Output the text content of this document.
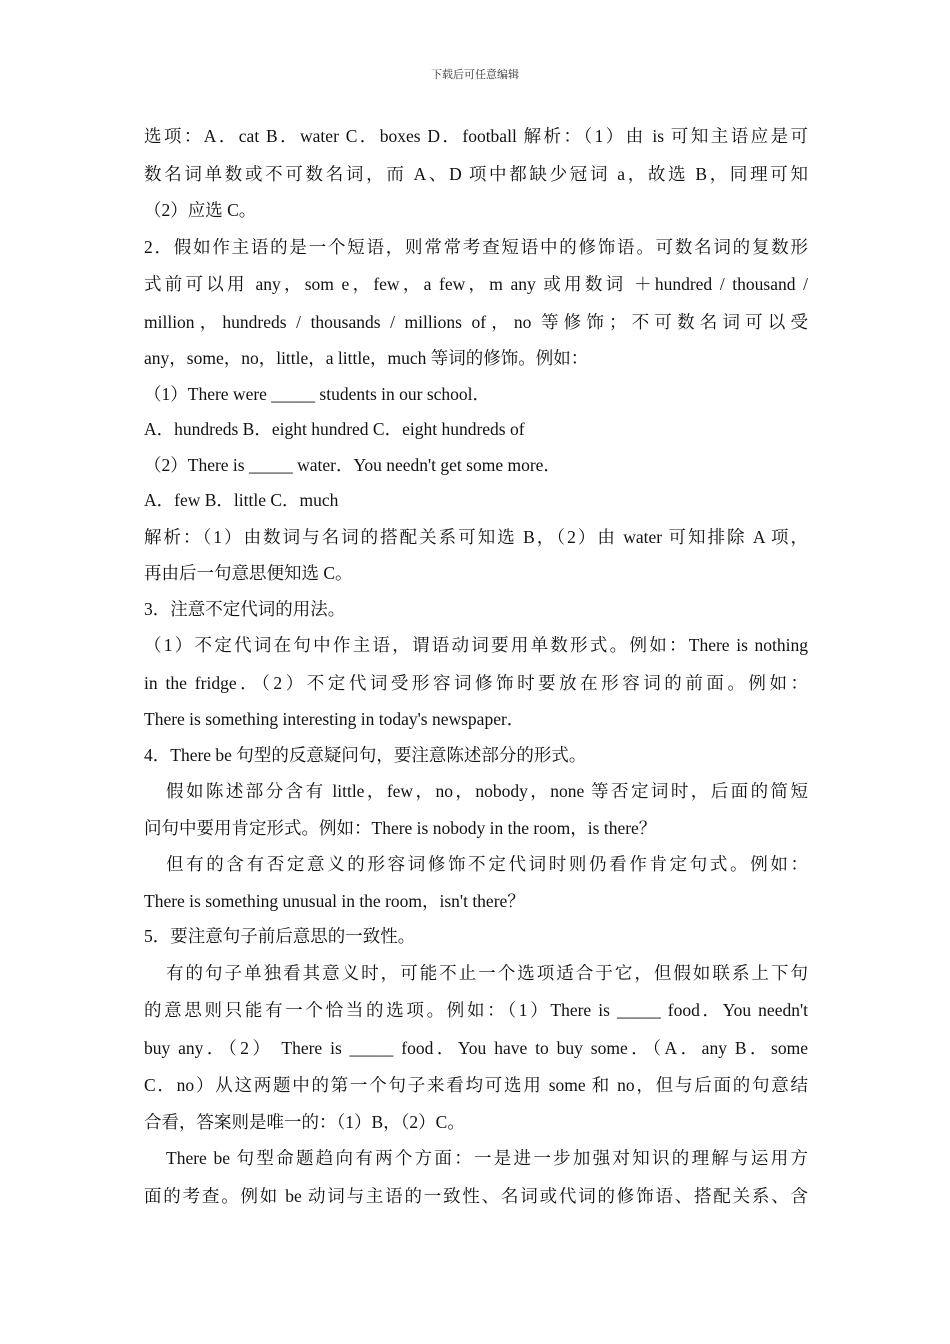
下载后可任意编辑

选项：A．cat B．water C．boxes D．football 解析：（1）由 is 可知主语应是可

数名词单数或不可数名词，而 A、D 项中都缺少冠词 a，故选 B，同理可知

（2）应选 C。

2．假如作主语的是一个短语，则常常考查短语中的修饰语。可数名词的复数形

式前可以用 any，som e，few，a few，m any 或用数词 ＋hundred / thousand /

million，hundreds / thousands / millions of，no 等修饰；不可数名词可以受

any，some，no，little，a little，much 等词的修饰。例如：

（1）There were _____ students in our school．

A．hundreds B．eight hundred C．eight hundreds of

（2）There is _____ water．You needn't get some more．

A．few B．little C．much

解析：（1）由数词与名词的搭配关系可知选 B，（2）由 water 可知排除 A 项，

再由后一句意思便知选 C。

3．注意不定代词的用法。

（1）不定代词在句中作主语，谓语动词要用单数形式。例如：There is nothing

in the fridge．（2）不定代词受形容词修饰时要放在形容词的前面。例如：

There is something interesting in today's newspaper．

4．There be 句型的反意疑问句，要注意陈述部分的形式。

假如陈述部分含有 little，few，no，nobody，none 等否定词时，后面的简短

问句中要用肯定形式。例如：There is nobody in the room，is there？

但有的含有否定意义的形容词修饰不定代词时则仍看作肯定句式。例如：

There is something unusual in the room，isn't there？

5．要注意句子前后意思的一致性。

有的句子单独看其意义时，可能不止一个选项适合于它，但假如联系上下句

的意思则只能有一个恰当的选项。例如：（1）There is _____ food．You needn't

buy any．（2） There is _____ food．You have to buy some．（A．any B．some

C．no）从这两题中的第一个句子来看均可选用 some 和 no，但与后面的句意结

合看，答案则是唯一的：（1）B，（2）C。

There be 句型命题趋向有两个方面：一是进一步加强对知识的理解与运用方

面的考查。例如 be 动词与主语的一致性、名词或代词的修饰语、搭配关系、含
